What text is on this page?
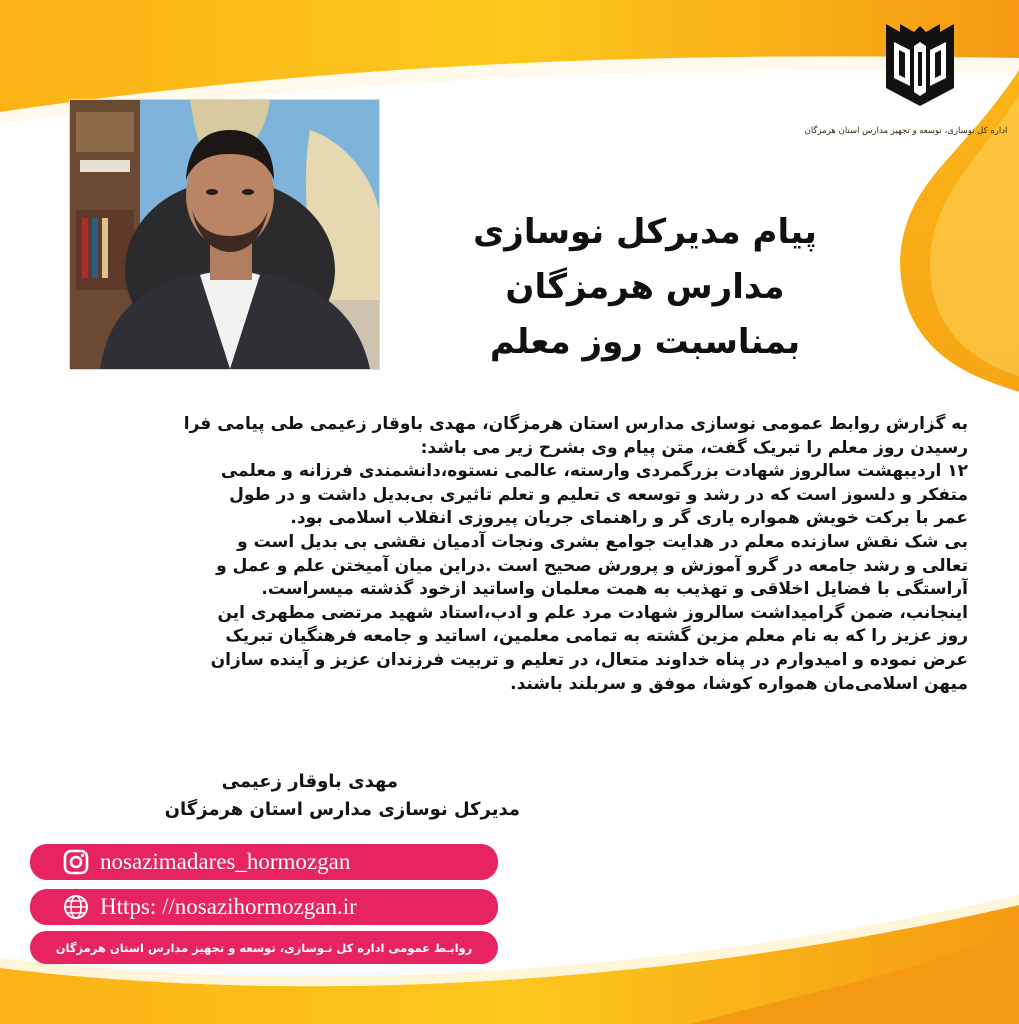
اداره کل نوسازی، توسعه و تجهیز مدارس استان هرمزگان
پیام مدیرکل نوسازی
مدارس هرمزگان
بمناسبت روز معلم
به گزارش روابط عمومی نوسازی مدارس استان هرمزگان، مهدی باوقار زعیمی طی پیامی فرا
رسیدن روز معلم را تبریک گفت، متن پیام وی بشرح زیر می باشد:
۱۲ اردیبهشت سالروز شهادت بزرگمردی وارسته، عالمی نستوه،دانشمندی فرزانه و معلمی
متفکر و دلسوز است که در رشد و توسعه ی تعلیم و تعلم تاثیری بی‌بدیل داشت و در طول
عمر با برکت خویش همواره یاری گر و راهنمای جریان پیروزی انقلاب اسلامی بود.
بی شک نقش سازنده معلم در هدایت جوامع بشری ونجات آدمیان نقشی بی بدیل است و
تعالی و رشد جامعه در گرو آموزش و پرورش صحیح است .دراین میان آمیختن علم و عمل و
آراستگی با فضایل اخلاقی و تهذیب به همت معلمان واساتید ازخود گذشته میسراست.
اینجانب، ضمن گرامیداشت سالروز شهادت مرد علم و ادب،استاد شهید مرتضی مطهری این
روز عزیز را که به نام معلم مزین گشته به تمامی معلمین، اساتید و جامعه فرهنگیان تبریک
عرض نموده و امیدوارم در پناه خداوند متعال، در تعلیم و تربیت فرزندان عزیز و آینده سازان
میهن اسلامی‌مان همواره کوشا، موفق و سربلند باشند.
مهدی باوقار زعیمی
مدیرکل نوسازی مدارس استان هرمزگان
nosazimadares_hormozgan
Https: //nosazihormozgan.ir
روابـط عمومی اداره کل نـوسازی، توسعه و تجهیز مدارس استان هرمزگان
